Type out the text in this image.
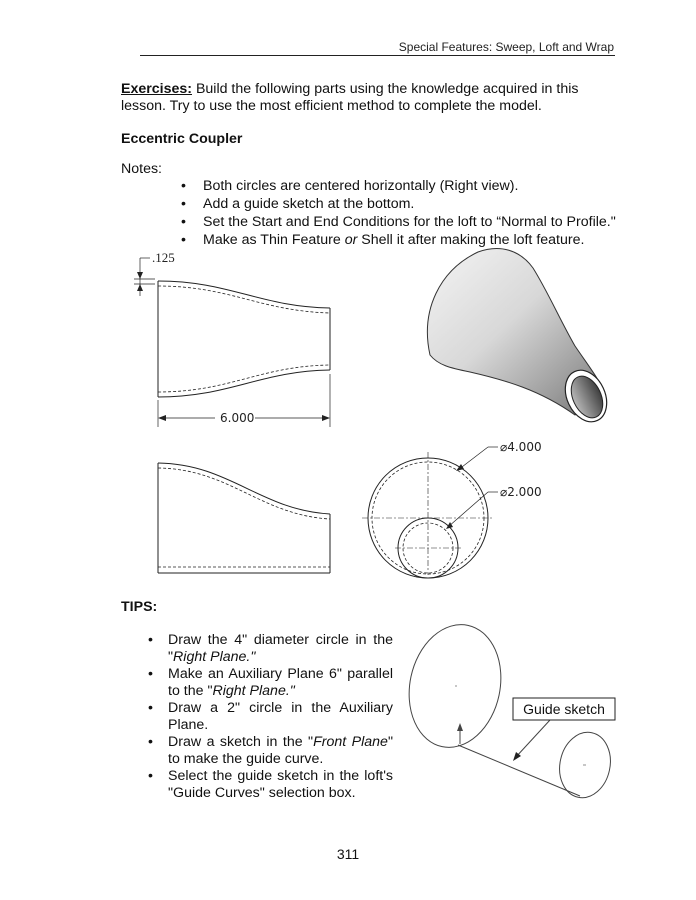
Special Features: Sweep, Loft and Wrap
Exercises: Build the following parts using the knowledge acquired in this lesson. Try to use the most efficient method to complete the model.
Eccentric Coupler
Notes:
• Both circles are centered horizontally (Right view).
• Add a guide sketch at the bottom.
• Set the Start and End Conditions for the loft to “Normal to Profile."
• Make as Thin Feature or Shell it after making the loft feature.
.125
6.000
⌀4.000
⌀2.000
Guide sketch
TIPS:
• Draw the 4" diameter circle in the "Right Plane."
• Make an Auxiliary Plane 6" parallel to the "Right Plane."
• Draw a 2" circle in the Auxiliary Plane.
• Draw a sketch in the "Front Plane" to make the guide curve.
• Select the guide sketch in the loft's "Guide Curves" selection box.
311
